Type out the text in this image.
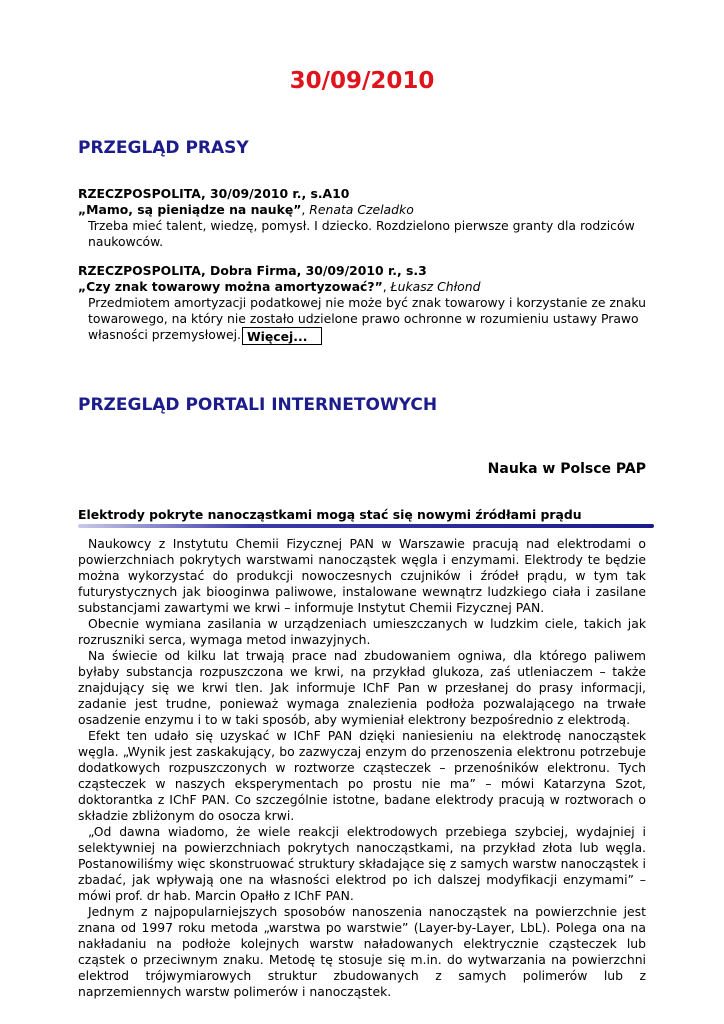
30/09/2010
PRZEGLĄD PRASY
RZECZPOSPOLITA, 30/09/2010 r., s.A10
„Mamo, są pieniądze na naukę”, Renata Czeladko
Trzeba mieć talent, wiedzę, pomysł. I dziecko. Rozdzielono pierwsze granty dla rodziców naukowców.
RZECZPOSPOLITA, Dobra Firma, 30/09/2010 r., s.3
„Czy znak towarowy można amortyzować?”, Łukasz Chłond
Przedmiotem amortyzacji podatkowej nie może być znak towarowy i korzystanie ze znaku towarowego, na który nie zostało udzielone prawo ochronne w rozumieniu ustawy Prawo własności przemysłowej. Więcej...
PRZEGLĄD PORTALI INTERNETOWYCH
Nauka w Polsce PAP
Elektrody pokryte nanocząstkami mogą stać się nowymi źródłami prądu

Naukowcy z Instytutu Chemii Fizycznej PAN w Warszawie pracują nad elektrodami o powierzchniach pokrytych warstwami nanocząstek węgla i enzymami. Elektrody te będzie można wykorzystać do produkcji nowoczesnych czujników i źródeł prądu, w tym tak futurystycznych jak biooginwa paliwowe, instalowane wewnątrz ludzkiego ciała i zasilane substancjami zawartymi we krwi – informuje Instytut Chemii Fizycznej PAN.

Obecnie wymiana zasilania w urządzeniach umieszczanych w ludzkim ciele, takich jak rozruszniki serca, wymaga metod inwazyjnych.

Na świecie od kilku lat trwają prace nad zbudowaniem ogniwa, dla którego paliwem byłaby substancja rozpuszczona we krwi, na przykład glukoza, zaś utleniaczem – także znajdujący się we krwi tlen. Jak informuje IChF Pan w przesłanej do prasy informacji, zadanie jest trudne, ponieważ wymaga znalezienia podłoża pozwalającego na trwałe osadzenie enzymu i to w taki sposób, aby wymieniał elektrony bezpośrednio z elektrodą.

Efekt ten udało się uzyskać w IChF PAN dzięki naniesieniu na elektrodę nanocząstek węgla. „Wynik jest zaskakujący, bo zazwyczaj enzym do przenoszenia elektronu potrzebuje dodatkowych rozpuszczonych w roztworze cząsteczek – przenośników elektronu. Tych cząsteczek w naszych eksperymentach po prostu nie ma” – mówi Katarzyna Szot, doktorantka z IChF PAN. Co szczególnie istotne, badane elektrody pracują w roztworach o składzie zbliżonym do osocza krwi.

„Od dawna wiadomo, że wiele reakcji elektrodowych przebiega szybciej, wydajniej i selektywniej na powierzchniach pokrytych nanocząstkami, na przykład złota lub węgla. Postanowiliśmy więc skonstruować struktury składające się z samych warstw nanocząstek i zbadać, jak wpływają one na własności elektrod po ich dalszej modyfikacji enzymami” – mówi prof. dr hab. Marcin Opałło z IChF PAN.

Jednym z najpopularniejszych sposobów nanoszenia nanocząstek na powierzchnie jest znana od 1997 roku metoda „warstwa po warstwie” (Layer-by-Layer, LbL). Polega ona na nakładaniu na podłoże kolejnych warstw naładowanych elektrycznie cząsteczek lub cząstek o przeciwnym znaku. Metodę tę stosuje się m.in. do wytwarzania na powierzchni elektrod trójwymiarowych struktur zbudowanych z samych polimerów lub z naprzemiennych warstw polimerów i nanocząstek.
